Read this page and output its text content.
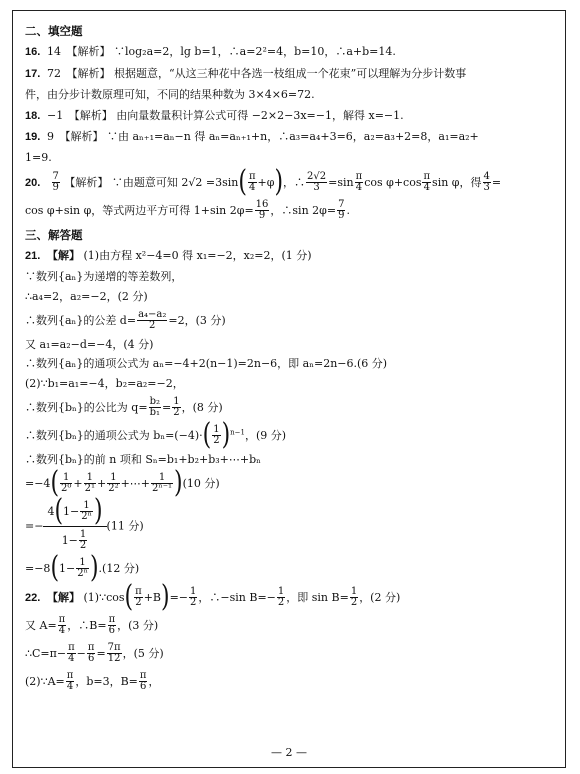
二、填空题
16. 14　【解析】 ∵log₂a=2，lg b=1，∴a=2²=4，b=10，∴a+b=14.
17. 72　【解析】 根据题意，“从这三种花中各选一枝组成一个花束”可以理解为分步计数事
件，由分步计数原理可知，不同的结果种数为 3×4×6=72.
18. −1　【解析】 由向量数量积计算公式可得 −2×2−3x=−1，解得 x=−1.
19. 9　【解析】 ∵由 aₙ₊₁=aₙ−n 得 aₙ=aₙ₊₁+n，∴a₃=a₄+3=6，a₂=a₃+2=8，a₁=a₂+
1=9.
20. $\frac{7}{9}$ 【解析】 ∵由题意可知 $2√2 =3\sin( \frac{\pi}{4} +\varphi)$，∴ $\frac{2√2}{3} =\sin \frac{\pi}{4}$ $\cos \varphi+\cos \frac{\pi}{4}$ sin φ，得 $\frac{4}{3}$ =
cos φ+sin φ，等式两边平方可得 1+sin $2\varphi= \frac{16}{9}$ ，∴sin $2\varphi= \frac{7}{9}$ .
三、解答题
21. 【解】 (1)由方程 x²−4=0 得 x₁=−2，x₂=2，(1 分)
∵数列{aₙ}为递增的等差数列，
∴a₄=2，a₂=−2，(2 分)
∴数列{aₙ}的公差 $d= \frac{\text{a₄−a₂}}{2} =2$，(3 分)
又 a₁=a₂−d=−4，(4 分)
∴数列{aₙ}的通项公式为 aₙ=−4+2(n−1)=2n−6，即 aₙ=2n−6.(6 分)
(2)∵b₁=a₁=−4，b₂=a₂=−2，
∴数列{bₙ}的公比为 $q= \frac{\text{b₂}}{\text{b₁}} = \frac{1}{2}$ ，(8 分)
∴数列{bₙ}的通项公式为 $b_n=(-4)\cdot( \frac{1}{2} )^{n-1}$，(9 分)
∴数列{bₙ}的前 n 项和 Sₙ=b₁+b₂+b₃+⋯+bₙ
$=-4( \frac{1}{\text{2⁰}} + \frac{1}{\text{2¹}} + \frac{1}{\text{2²}}$ +⋯+ $\frac{1}{\text{2ⁿ⁻¹}} )(10$ 分)
=− $\frac{4(1- \frac{1}{\text{2ⁿ}} )}{1- \frac{1}{2}} (11$ 分)
$=-8(1- \frac{1}{\text{2ⁿ}} ).(12$ 分)
22. 【解】 (1)∵cos( $\frac{\pi}{2} +B)=- \frac{1}{2}$ ，∴−sin $B=- \frac{1}{2}$ ，即 $\sin B= \frac{1}{2}$ ，(2 分)
又 $A= \frac{\pi}{4}$ ，∴B= $\frac{\pi}{6}$ ，(3 分)
∴C=π− $\frac{\pi}{4} - \frac{\pi}{6} = \frac{7\pi}{12}$ ，(5 分)
(2)∵A= $\frac{\pi}{4}$ ，b=3，$B= \frac{\pi}{6}$ ，
— 2 —
